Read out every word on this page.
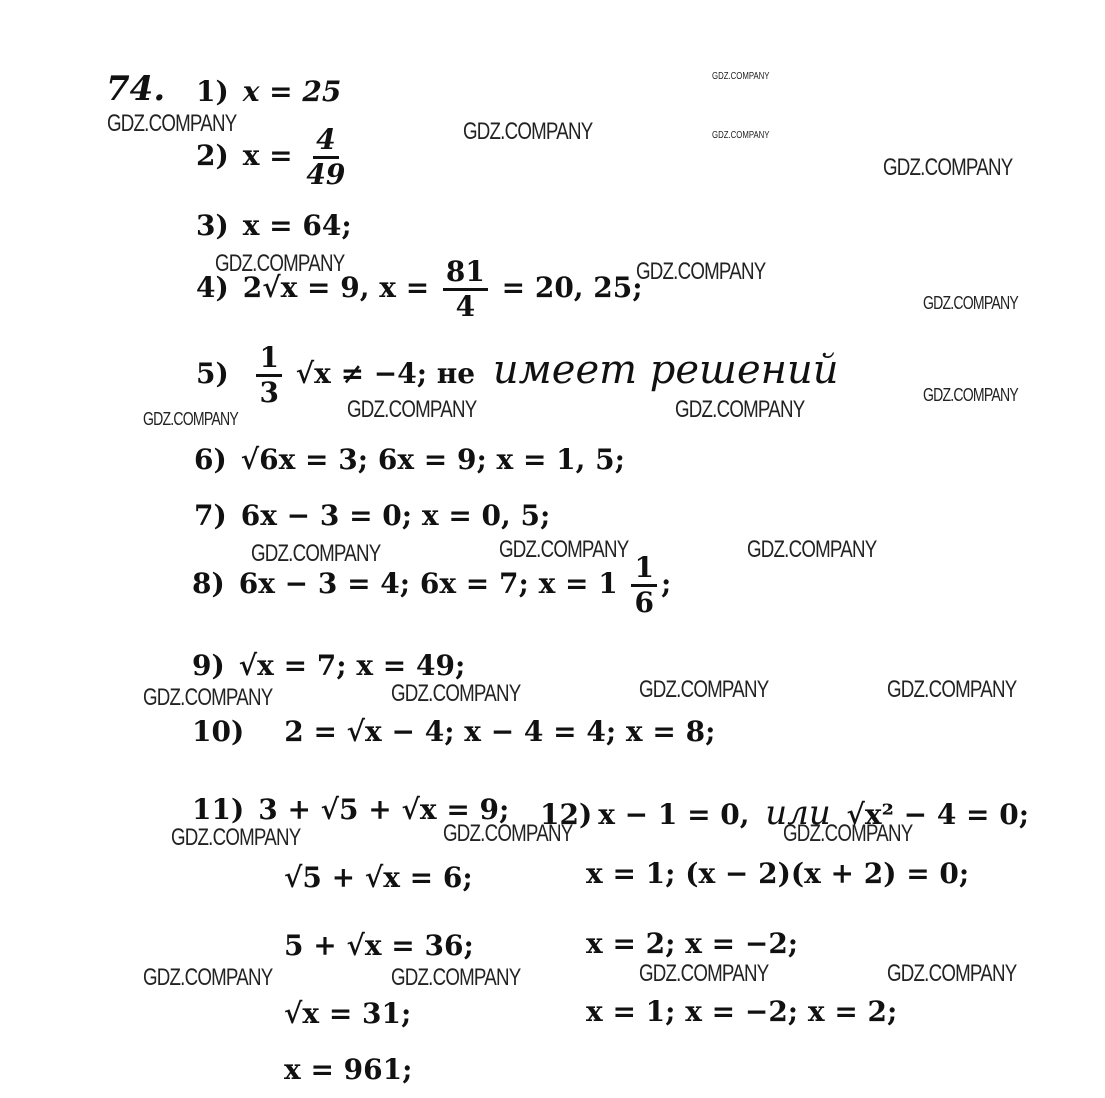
74. 1) x = 25
2) $x = \frac{4}{49}$
3) x = 64;
4) 2√x = 9, $x = \frac{81}{4} = 20$, 25;
$5) \frac{1}{3} √x \ne -4$; не имеет решений
6) √6x = 3; 6x = 9; x = 1, 5;
7) 6x − 3 = 0; x = 0, 5;
8) 6x − 3 = 4; 6x = 7; $x = 1 \frac{1}{6}$ ;
9) √x = 7; x = 49;
10) 2 = √x − 4; x − 4 = 4; x = 8;
11) 3 + √5 + √x = 9; 12) x − 1 = 0, или √x² − 4 = 0;
√5 + √x = 6;
5 + √x = 36;
√x = 31;
x = 961;
x = 1; (x − 2)(x + 2) = 0;
x = 2; x = −2;
x = 1; x = −2; x = 2;
GDZ.COMPANY
GDZ.COMPANY	GDZ.COMPANY	GDZ.COMPANY
GDZ.COMPANY
GDZ.COMPANY	GDZ.COMPANY
GDZ.COMPANY
GDZ.COMPANY
GDZ.COMPANY	GDZ.COMPANY
GDZ.COMPANY
GDZ.COMPANY	GDZ.COMPANY	GDZ.COMPANY
GDZ.COMPANY	GDZ.COMPANY	GDZ.COMPANY	GDZ.COMPANY
GDZ.COMPANY	GDZ.COMPANY	GDZ.COMPANY
GDZ.COMPANY	GDZ.COMPANY	GDZ.COMPANY	GDZ.COMPANY
